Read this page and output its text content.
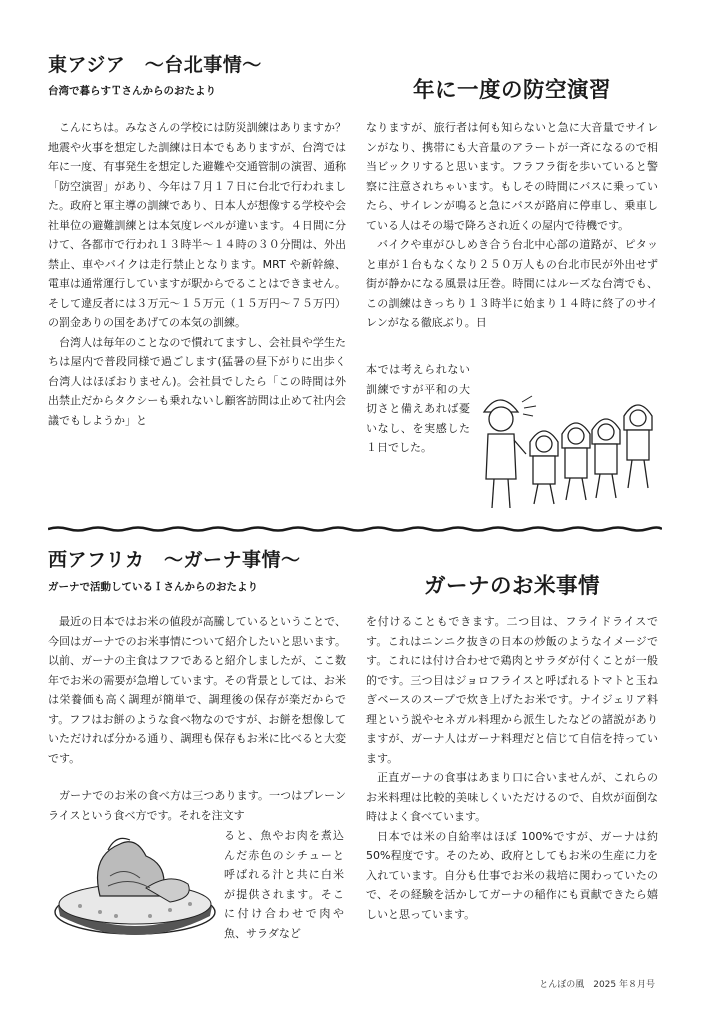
東アジア　～台北事情～
台湾で暮らすＴさんからのおたより	年に一度の防空演習

こんにちは。みなさんの学校には防災訓練はありますか？地震や火事を想定した訓練は日本でもありますが、台湾では年に一度、有事発生を想定した避難や交通管制の演習、通称「防空演習」があり、今年は７月１７日に台北で行われました。政府と軍主導の訓練であり、日本人が想像する学校や会社単位の避難訓練とは本気度レベルが違います。４日間に分けて、各都市で行われ１３時半～１４時の３０分間は、外出禁止、車やバイクは走行禁止となります。MRT や新幹線、電車は通常運行していますが駅からでることはできません。そして違反者には３万元～１５万元（１５万円～７５万円）の罰金ありの国をあげての本気の訓練。

台湾人は毎年のことなので慣れてますし、会社員や学生たちは屋内で普段同様で過ごします(猛暑の昼下がりに出歩く台湾人はほぼおりません)。会社員でしたら「この時間は外出禁止だからタクシーも乗れないし顧客訪問は止めて社内会議でもしようか」と

なりますが、旅行者は何も知らないと急に大音量でサイレンがなり、携帯にも大音量のアラートが一斉になるので相当ビックリすると思います。フラフラ街を歩いていると警察に注意されちゃいます。もしその時間にバスに乗っていたら、サイレンが鳴ると急にバスが路肩に停車し、乗車している人はその場で降ろされ近くの屋内で待機です。

バイクや車がひしめき合う台北中心部の道路が、ピタッと車が１台もなくなり２５０万人もの台北市民が外出せず街が静かになる風景は圧巻。時間にはルーズな台湾でも、この訓練はきっちり１３時半に始まり１４時に終了のサイレンがなる徹底ぶり。日

本では考えられない訓練ですが平和の大切さと備えあれば憂いなし、を実感した１日でした。

西アフリカ　～ガーナ事情～
ガーナで活動しているＩさんからのおたより	ガーナのお米事情

最近の日本ではお米の値段が高騰しているということで、今回はガーナでのお米事情について紹介したいと思います。以前、ガーナの主食はフフであると紹介しましたが、ここ数年でお米の需要が急増しています。その背景としては、お米は栄養価も高く調理が簡単で、調理後の保存が楽だからです。フフはお餅のような食べ物なのですが、お餅を想像していただければ分かる通り、調理も保存もお米に比べると大変です。

ガーナでのお米の食べ方は三つあります。一つはプレーンライスという食べ方です。それを注文す

を付けることもできます。二つ目は、フライドライスです。これはニンニク抜きの日本の炒飯のようなイメージです。これには付け合わせで鶏肉とサラダが付くことが一般的です。三つ目はジョロフライスと呼ばれるトマトと玉ねぎベースのスープで炊き上げたお米です。ナイジェリア料理という説やセネガル料理から派生したなどの諸説がありますが、ガーナ人はガーナ料理だと信じて自信を持っています。

正直ガーナの食事はあまり口に合いませんが、これらのお米料理は比較的美味しくいただけるので、自炊が面倒な時はよく食べています。

日本では米の自給率はほぼ 100%ですが、ガーナは約 50%程度です。そのため、政府としてもお米の生産に力を入れています。自分も仕事でお米の栽培に関わっていたので、その経験を活かしてガーナの稲作にも貢献できたら嬉しいと思っています。

とんぼの風　2025 年８月号
ると、魚やお肉を煮込んだ赤色のシチューと呼ばれる汁と共に白米が提供されます。そこに付け合わせで肉や魚、サラダなど
